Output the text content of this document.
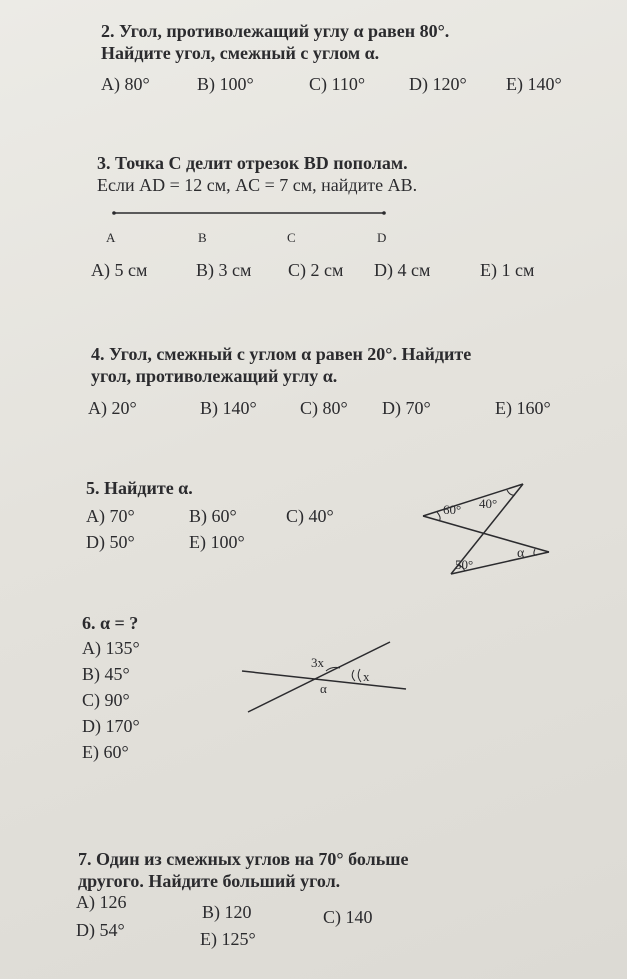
2. Угол, противолежащий углу α равен 80°.
Найдите угол, смежный с углом α.
A) 80°	B) 100°	C) 110° D) 120° E) 140°
3. Точка C делит отрезок BD пополам.
Если AD = 12 см, AC = 7 см, найдите AB.
A	B	C	D
A) 5 см	B) 3 см C) 2 см D) 4 см	E) 1 см
4. Угол, смежный с углом α равен 20°. Найдите
угол, противолежащий углу α.
A) 20°	B) 140° C) 80° D) 70°	E) 160°
5. Найдите α.
A) 70°	B) 60°	C) 40°
D) 50°	E) 100°
60° 40°
50°
α
6. α = ?
A) 135°
B) 45°
C) 90°
D) 170°
E) 60°
3x
x
α
7. Один из смежных углов на 70° больше
другого. Найдите больший угол.
A) 126	B) 120	C) 140
D) 54°	E) 125°
